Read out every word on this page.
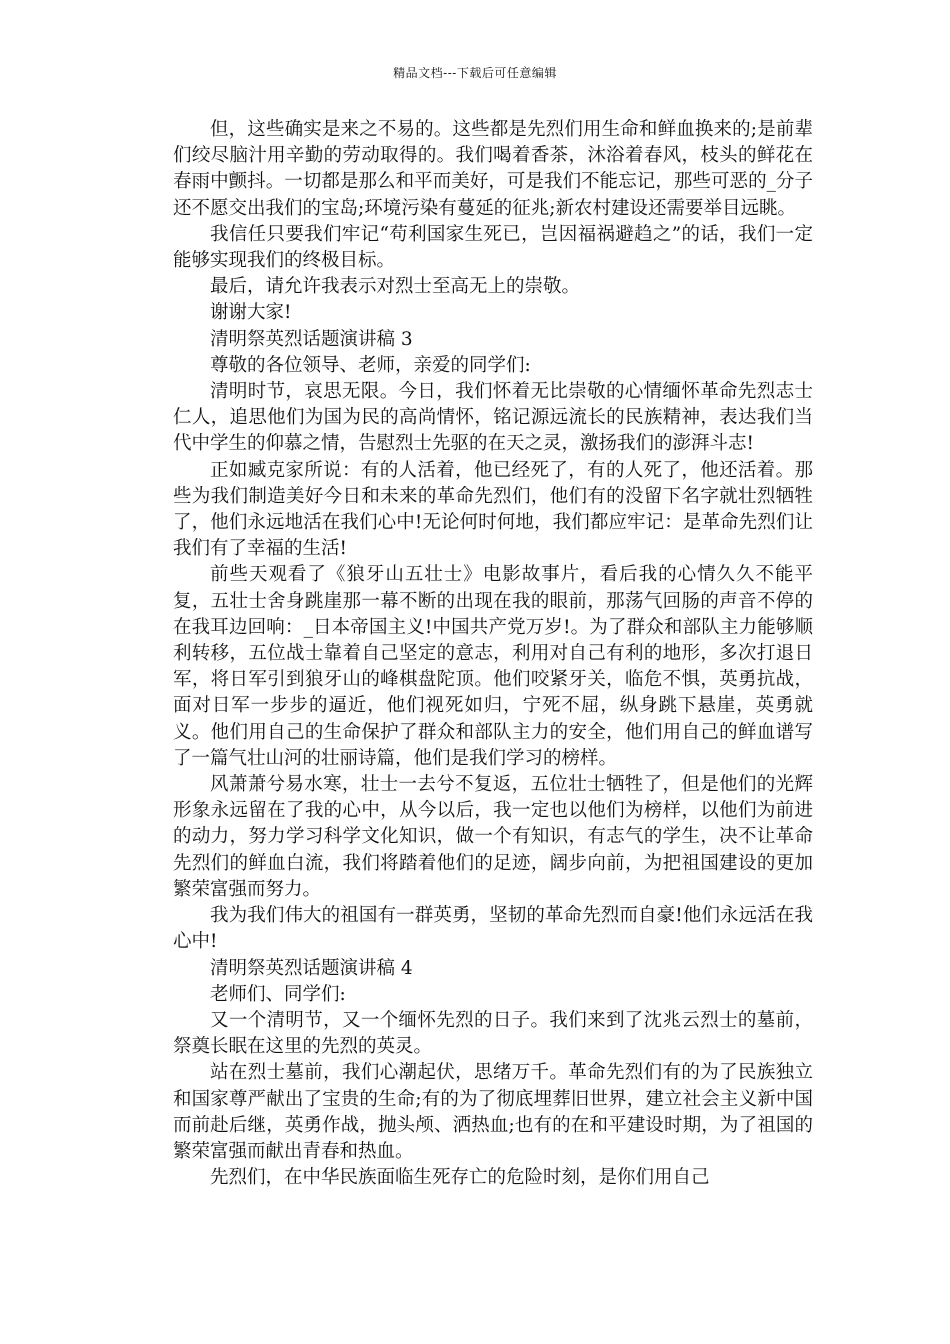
精品文档---下载后可任意编辑

但，这些确实是来之不易的。这些都是先烈们用生命和鲜血换来的;是前辈们绞尽脑汁用辛勤的劳动取得的。我们喝着香茶，沐浴着春风，枝头的鲜花在春雨中颤抖。一切都是那么和平而美好，可是我们不能忘记，那些可恶的_分子还不愿交出我们的宝岛;环境污染有蔓延的征兆;新农村建设还需要举目远眺。

我信任只要我们牢记“苟利国家生死已，岂因福祸避趋之”的话，我们一定能够实现我们的终极目标。

最后，请允许我表示对烈士至高无上的崇敬。

谢谢大家!

清明祭英烈话题演讲稿 3

尊敬的各位领导、老师，亲爱的同学们:

清明时节，哀思无限。今日，我们怀着无比崇敬的心情缅怀革命先烈志士仁人，追思他们为国为民的高尚情怀，铭记源远流长的民族精神，表达我们当代中学生的仰慕之情，告慰烈士先驱的在天之灵，激扬我们的澎湃斗志!

正如臧克家所说：有的人活着，他已经死了，有的人死了，他还活着。那些为我们制造美好今日和未来的革命先烈们，他们有的没留下名字就壮烈牺牲了，他们永远地活在我们心中!无论何时何地，我们都应牢记：是革命先烈们让我们有了幸福的生活!

前些天观看了《狼牙山五壮士》电影故事片，看后我的心情久久不能平复，五壮士舍身跳崖那一幕不断的出现在我的眼前，那荡气回肠的声音不停的在我耳边回响：_日本帝国主义!中国共产党万岁!。为了群众和部队主力能够顺利转移，五位战士靠着自己坚定的意志，利用对自己有利的地形，多次打退日军，将日军引到狼牙山的峰棋盘陀顶。他们咬紧牙关，临危不惧，英勇抗战，面对日军一步步的逼近，他们视死如归，宁死不屈，纵身跳下悬崖，英勇就义。他们用自己的生命保护了群众和部队主力的安全，他们用自己的鲜血谱写了一篇气壮山河的壮丽诗篇，他们是我们学习的榜样。

风萧萧兮易水寒，壮士一去兮不复返，五位壮士牺牲了，但是他们的光辉形象永远留在了我的心中，从今以后，我一定也以他们为榜样，以他们为前进的动力，努力学习科学文化知识，做一个有知识，有志气的学生，决不让革命先烈们的鲜血白流，我们将踏着他们的足迹，阔步向前，为把祖国建设的更加繁荣富强而努力。

我为我们伟大的祖国有一群英勇，坚韧的革命先烈而自豪!他们永远活在我心中!

清明祭英烈话题演讲稿 4

老师们、同学们:

又一个清明节，又一个缅怀先烈的日子。我们来到了沈兆云烈士的墓前，祭奠长眠在这里的先烈的英灵。

站在烈士墓前，我们心潮起伏，思绪万千。革命先烈们有的为了民族独立和国家尊严献出了宝贵的生命;有的为了彻底埋葬旧世界，建立社会主义新中国而前赴后继，英勇作战，抛头颅、洒热血;也有的在和平建设时期，为了祖国的繁荣富强而献出青春和热血。

先烈们，在中华民族面临生死存亡的危险时刻，是你们用自己
